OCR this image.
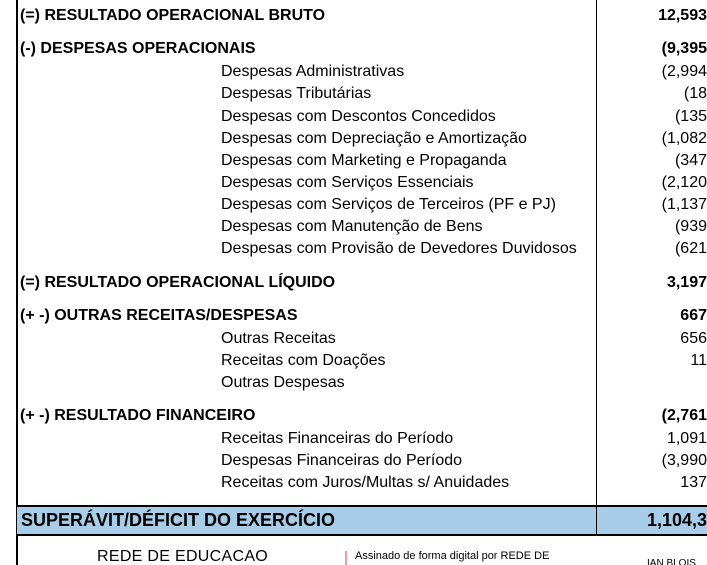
(=) RESULTADO OPERACIONAL BRUTO	12,593
(-) DESPESAS OPERACIONAIS	(9,395
Despesas Administrativas	(2,994
Despesas Tributárias	(18
Despesas com Descontos Concedidos	(135
Despesas com Depreciação e Amortização	(1,082
Despesas com Marketing e Propaganda	(347
Despesas com Serviços Essenciais	(2,120
Despesas com Serviços de Terceiros (PF e PJ)	(1,137
Despesas com Manutenção de Bens	(939
Despesas com Provisão de Devedores Duvidosos	(621
(=) RESULTADO OPERACIONAL LÍQUIDO	3,197
(+ -) OUTRAS RECEITAS/DESPESAS	667
Outras Receitas	656
Receitas com Doações	11
Outras Despesas
(+ -) RESULTADO FINANCEIRO	(2,761
Receitas Financeiras do Período	1,091
Despesas Financeiras do Período	(3,990
Receitas com Juros/Multas s/ Anuidades	137
SUPERÁVIT/DÉFICIT DO EXERCÍCIO	1,104,3
REDE DE EDUCACAO	Assinado de forma digital por REDE DE
IAN BLOIS
